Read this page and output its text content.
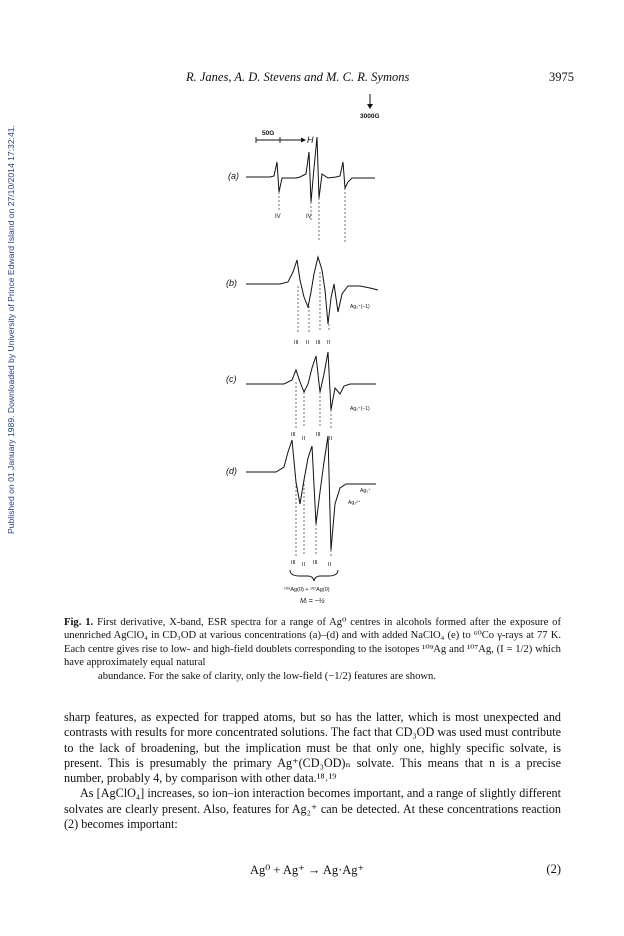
Published on 01 January 1989. Downloaded by University of Prince Edward Island on 27/10/2014 17:32:41.
R. Janes, A. D. Stevens and M. C. R. Symons	3975
3000G
50G
H
(a)
IV	IV
(b)
Ag₂⁺(−1)
III II III II
(c)
Ag₂⁺(−1)
III
II
III
II
(d)
Ag₃²⁺
Ag₂⁺
III II III II
¹⁰⁹Ag(0) + ¹⁰⁷Ag(0)
Mᵢ = −½
Fig. 1. First derivative, X-band, ESR spectra for a range of Ag⁰ centres in alcohols formed after the exposure of unenriched AgClO₄ in CD₃OD at various concentrations (a)–(d) and with added NaClO₄ (e) to ⁶⁰Co γ-rays at 77 K. Each centre gives rise to low- and high-field doublets corresponding to the isotopes ¹⁰⁹Ag and ¹⁰⁷Ag, (I = 1/2) which have approximately equal natural
abundance. For the sake of clarity, only the low-field (−1/2) features are shown.

sharp features, as expected for trapped atoms, but so has the latter, which is most unexpected and contrasts with results for more concentrated solutions. The fact that CD₃OD was used must contribute to the lack of broadening, but the implication must be that only one, highly specific solvate, is present. This is presumably the primary Ag⁺(CD₃OD)ₙ solvate. This means that n is a precise number, probably 4, by comparison with other data.¹⁸˒¹⁹

As [AgClO₄] increases, so ion–ion interaction becomes important, and a range of slightly different solvates are clearly present. Also, features for Ag₂⁺ can be detected. At these concentrations reaction (2) becomes important:

Ag⁰ + Ag⁺ → Ag·Ag⁺	(2)
